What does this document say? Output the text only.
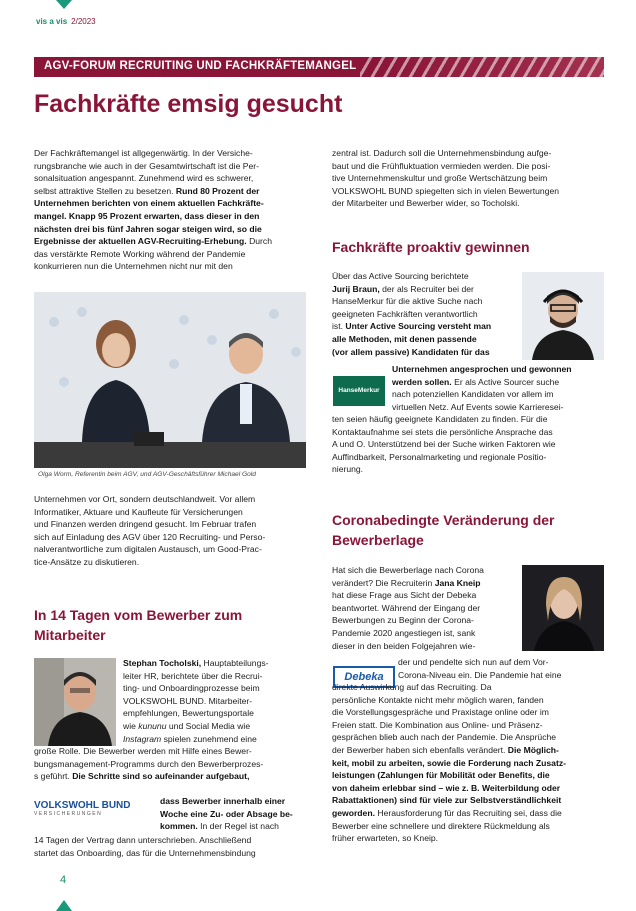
vis a vis 2/2023
AGV-FORUM RECRUITING UND FACHKRÄFTEMANGEL
Fachkräfte emsig gesucht
Der Fachkräftemangel ist allgegenwärtig. In der Versiche-
rungsbranche wie auch in der Gesamtwirtschaft ist die Per-
sonalsituation angespannt. Zunehmend wird es schwerer,
selbst attraktive Stellen zu besetzen. Rund 80 Prozent der
Unternehmen berichten von einem aktuellen Fachkräfte-
mangel. Knapp 95 Prozent erwarten, dass dieser in den
nächsten drei bis fünf Jahren sogar steigen wird, so die
Ergebnisse der aktuellen AGV-Recruiting-Erhebung. Durch
das verstärkte Remote Working während der Pandemie
konkurrieren nun die Unternehmen nicht nur mit den
Olga Worm, Referentin beim AGV, und AGV-Geschäftsführer Michael Gold
Unternehmen vor Ort, sondern deutschlandweit. Vor allem
Informatiker, Aktuare und Kaufleute für Versicherungen
und Finanzen werden dringend gesucht. Im Februar trafen
sich auf Einladung des AGV über 120 Recruiting- und Perso-
nalverantwortliche zum digitalen Austausch, um Good-Prac-
tice-Ansätze zu diskutieren.
In 14 Tagen vom Bewerber zum
Mitarbeiter
Stephan Tocholski, Hauptabteilungs-
leiter HR, berichtete über die Recrui-
ting- und Onboardingprozesse beim
VOLKSWOHL BUND. Mitarbeiter-
empfehlungen, Bewertungsportale
wie kununu und Social Media wie
Instagram spielen zunehmend eine
große Rolle. Die Bewerber werden mit Hilfe eines Bewer-
bungsmanagement-Programms durch den Bewerberprozes-
s geführt. Die Schritte sind so aufeinander aufgebaut,
VOLKSWOHL BUND
VERSICHERUNGEN
dass Bewerber innerhalb einer
Woche eine Zu- oder Absage be-
kommen. In der Regel ist nach
14 Tagen der Vertrag dann unterschrieben. Anschließend
startet das Onboarding, das für die Unternehmensbindung
zentral ist. Dadurch soll die Unternehmensbindung aufge-
baut und die Frühfluktuation vermieden werden. Die posi-
tive Unternehmenskultur und große Wertschätzung beim
VOLKSWOHL BUND spiegelten sich in vielen Bewertungen
der Mitarbeiter und Bewerber wider, so Tocholski.
Fachkräfte proaktiv gewinnen
Über das Active Sourcing berichtete
Jurij Braun, der als Recruiter bei der
HanseMerkur für die aktive Suche nach
geeigneten Fachkräften verantwortlich
ist. Unter Active Sourcing versteht man
alle Methoden, mit denen passende
(vor allem passive) Kandidaten für das
HanseMerkur
Unternehmen angesprochen und gewonnen
werden sollen. Er als Active Sourcer suche
nach potenziellen Kandidaten vor allem im
virtuellen Netz. Auf Events sowie Karrieresei-
ten seien häufig geeignete Kandidaten zu finden. Für die
Kontaktaufnahme sei stets die persönliche Ansprache das
A und O. Unterstützend bei der Suche wirken Faktoren wie
Auffindbarkeit, Personalmarketing und regionale Positio-
nierung.
Coronabedingte Veränderung der
Bewerberlage
Hat sich die Bewerberlage nach Corona
verändert? Die Recruiterin Jana Kneip
hat diese Frage aus Sicht der Debeka
beantwortet. Während der Eingang der
Bewerbungen zu Beginn der Corona-
Pandemie 2020 angestiegen ist, sank
dieser in den beiden Folgejahren wie-
Debeka
der und pendelte sich nun auf dem Vor-
Corona-Niveau ein. Die Pandemie hat eine
direkte Auswirkung auf das Recruiting. Da
persönliche Kontakte nicht mehr möglich waren, fanden
die Vorstellungsgespräche und Praxistage online oder im
Freien statt. Die Kombination aus Online- und Präsenz-
gesprächen blieb auch nach der Pandemie. Die Ansprüche
der Bewerber haben sich ebenfalls verändert. Die Möglich-
keit, mobil zu arbeiten, sowie die Forderung nach Zusatz-
leistungen (Zahlungen für Mobilität oder Benefits, die
von daheim erlebbar sind – wie z. B. Weiterbildung oder
Rabattaktionen) sind für viele zur Selbstverständlichkeit
geworden. Herausforderung für das Recruiting sei, dass die
Bewerber eine schnellere und direktere Rückmeldung als
früher erwarteten, so Kneip.
4
